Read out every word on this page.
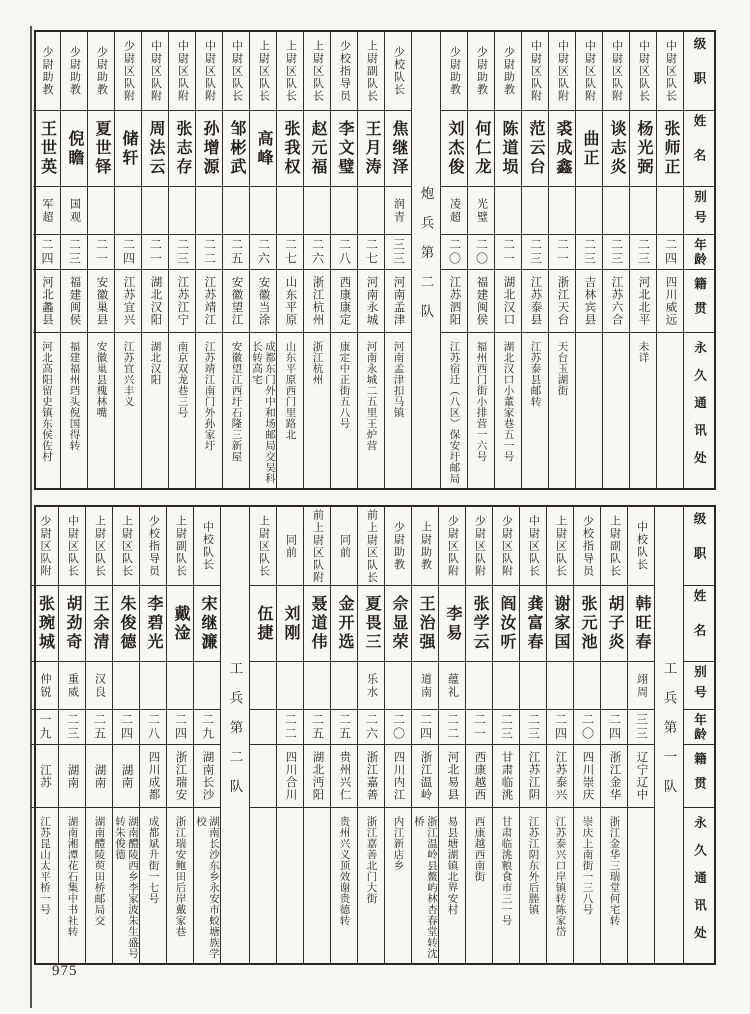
级职
姓名
别号
年龄
籍贯
永久通讯处
中尉区队长
张师正
二四
四川威远
中尉区队长
杨光弼
二三
河北北平
未详
中尉区队附
谈志炎
二三
江苏六合
中尉区队附
曲正
二三
吉林宾县
中尉区队附
裘成鑫
二一
浙江天台
天台玉湖街
中尉区队附
范云台
二三
江苏泰县
江苏泰县邮转
少尉助教
陈道埙
二一
湖北汉口
湖北汉口小董家巷五一号
少尉助教
何仁龙
光璧
二〇
福建闽侯
福州西门街小排营一六号
少尉助教
刘杰俊
凌超
二〇
江苏泗阳
江苏宿迁（八区）保安圩邮局
炮兵第二队
少校队长
焦继泽
润青
三三
河南孟津
河南孟津扣马镇
上尉副队长
王月涛
二七
河南永城
河南永城二五里王炉营
少校指导员
李文璧
二八
西康康定
康定中正街五八号
上尉区队长
赵元福
二六
浙江杭州
浙江杭州
上尉区队长
张我权
二七
山东平原
山东平原西门里路北
上尉区队长
高峰
二六
安徽当涂
成都东门外中和场邮局交吴科长转高宅
中尉区队长
邹彬武
二五
安徽望江
安徽望江西圩石隆三新屋
中尉区队附
孙增源
二二
江苏靖江
江苏靖江南门外孙家圩
中尉区队附
张志存
二三
江苏江宁
南京双龙巷三号
中尉区队附
周法云
二一
湖北汉阳
湖北汉阳
少尉区队附
储轩
二四
江苏宜兴
江苏宜兴丰义
少尉助教
夏世铎
二一
安徽巢县
安徽巢县槐林嘴
少尉助教
倪瞻
国观
二三
福建闽侯
福建福州珰头倪国得转
少尉助教
王世英
军超
二四
河北蠡县
河北高阳留史镇东侯佐村
级职
姓名
别号
年龄
籍贯
永久通讯处
工兵第一队
中校队长
韩旺春
翊周
三三
辽宁辽中
上尉副队长
胡子炎
二四
浙江金华
浙江金华三瑞堂何宅转
少校指导员
张元池
二〇
四川崇庆
崇庆上南街一三八号
上尉区队长
谢家国
二四
江苏泰兴
江苏泰兴口岸镇转陈家岱
中尉区队长
龚富春
二三
江苏江阴
江苏江阴东外后塍镇
少尉区队附
阎汝听
二三
甘肃临洮
甘肃临洮粮食市三一号
少尉区队附
张学云
二一
西康越西
西康越西南街
少尉区队附
李易
蕴礼
二二
河北易县
易县塘湖镇北界安村
上尉助教
王治强
道南
二四
浙江温岭
浙江温岭县鳌屿林杏春堂转沈桥
少尉助教
佘显荣
二〇
四川内江
内江新店乡
前上尉区队长
夏畏三
乐水
二六
浙江嘉善
浙江嘉善北门大街
同前
金开选
二五
贵州兴仁
贵州兴义顶效谢贵德转
前上尉区队附
聂道伟
二五
湖北沔阳
同前
刘刚
二二
四川合川
上尉区队长
伍捷
工兵第二队
中校队长
宋继濂
二九
湖南长沙
湖南长沙东乡永安市蛟塘族学校
上尉副队长
戴淦
二四
浙江瑞安
浙江瑞安鲍田后岸戴家巷
少校指导员
李碧光
二八
四川成都
成都斌升街一七号
上尉区队长
朱俊德
二四
湖南
湖南醴陵西乡李家波朱生盛号转朱俊德
上尉区队长
王余清
汉良
二五
湖南
湖南醴陵萸田桥邮局交
中尉区队长
胡劲奇
重威
二三
湖南
湖南湘潭花石集中书社转
少尉区队附
张琬城
仲锐
一九
江苏
江苏昆山太平桥一号
975
